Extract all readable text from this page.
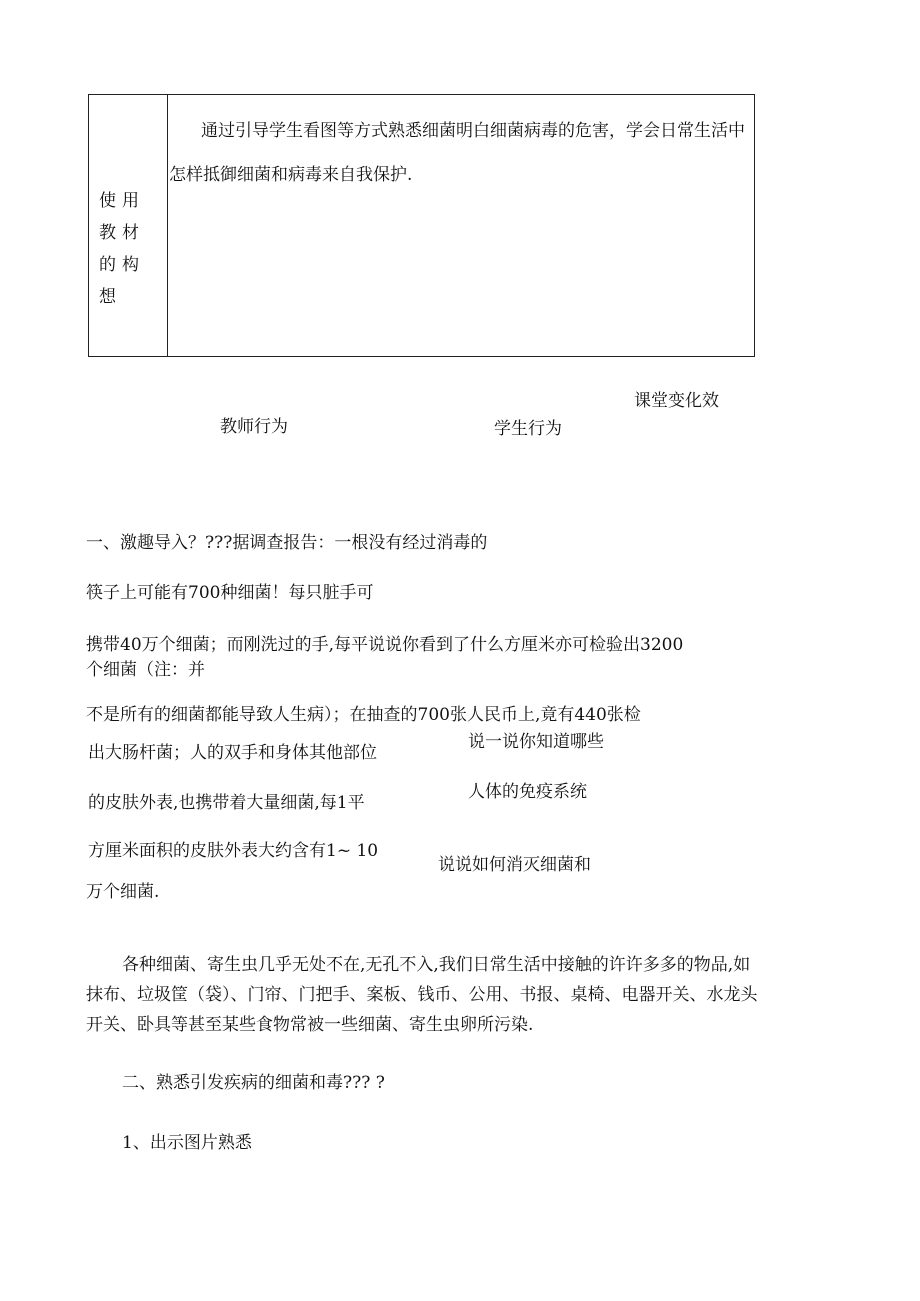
使用教材的构想
通过引导学生看图等方式熟悉细菌明白细菌病毒的危害，学会日常生活中怎样抵御细菌和病毒来自我保护.
教师行为	学生行为
课堂变化效
一、激趣导入？???据调查报告：一根没有经过消毒的
筷子上可能有700种细菌！每只脏手可
携带40万个细菌；而刚洗过的手,每平说说你看到了什么方厘米亦可检验出3200
个细菌（注：并
不是所有的细菌都能导致人生病）；在抽查的700张人民币上,竟有440张检
出大肠杆菌；人的双手和身体其他部位
的皮肤外表,也携带着大量细菌,每1平
方厘米面积的皮肤外表大约含有1~ 10
万个细菌.
说一说你知道哪些
人体的免疫系统
说说如何消灭细菌和
各种细菌、寄生虫几乎无处不在,无孔不入,我们日常生活中接触的许许多多的物品,如抹布、垃圾筐（袋）、门帘、门把手、案板、钱币、公用、书报、桌椅、电器开关、水龙头开关、卧具等甚至某些食物常被一些细菌、寄生虫卵所污染.
二、熟悉引发疾病的细菌和毒??? ?
1、出示图片熟悉
